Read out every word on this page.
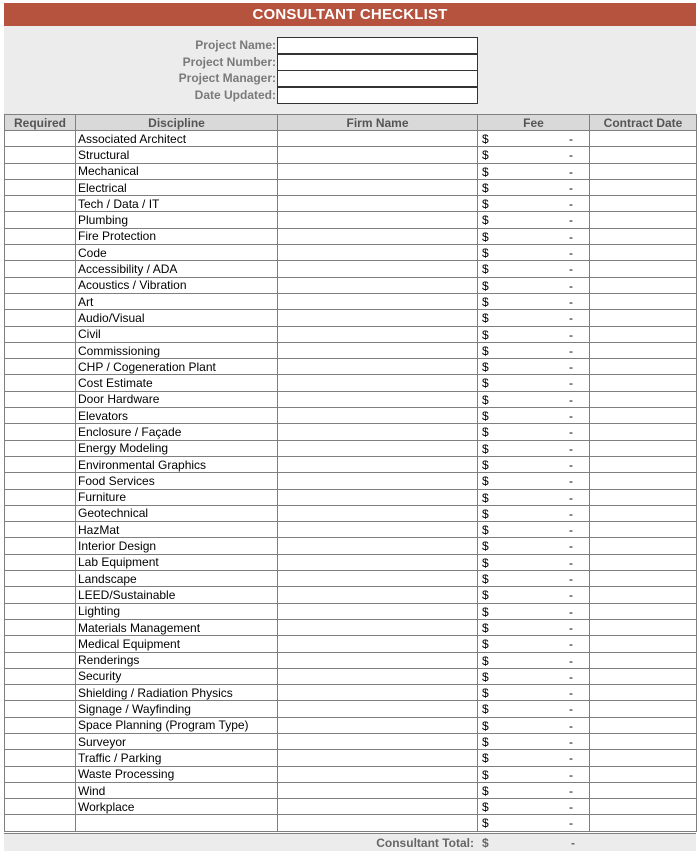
CONSULTANT CHECKLIST
Project Name:
Project Number:
Project Manager:
Date Updated:
Required	Discipline	Firm Name	Fee	Contract Date
	Associated Architect		$ -	

	Structural		$ -	

	Mechanical		$ -	

	Electrical		$ -	

	Tech / Data / IT		$ -	

	Plumbing		$ -	

	Fire Protection		$ -	

	Code		$ -	

	Accessibility / ADA		$ -	

	Acoustics / Vibration		$ -	

	Art		$ -	

	Audio/Visual		$ -	

	Civil		$ -	

	Commissioning		$ -	

	CHP / Cogeneration Plant		$ -	

	Cost Estimate		$ -	

	Door Hardware		$ -	

	Elevators		$ -	

	Enclosure / Façade		$ -	

	Energy Modeling		$ -	

	Environmental Graphics		$ -	

	Food Services		$ -	

	Furniture		$ -	

	Geotechnical		$ -	

	HazMat		$ -	

	Interior Design		$ -	

	Lab Equipment		$ -	

	Landscape		$ -	

	LEED/Sustainable		$ -	

	Lighting		$ -	

	Materials Management		$ -	

	Medical Equipment		$ -	

	Renderings		$ -	

	Security		$ -	

	Shielding / Radiation Physics		$ -	

	Signage / Wayfinding		$ -	

	Space Planning (Program Type)		$ -	

	Surveyor		$ -	

	Traffic / Parking		$ -	

	Waste Processing		$ -	

	Wind		$ -	

	Workplace		$ -	

			$ -	

Consultant Total: $	-
